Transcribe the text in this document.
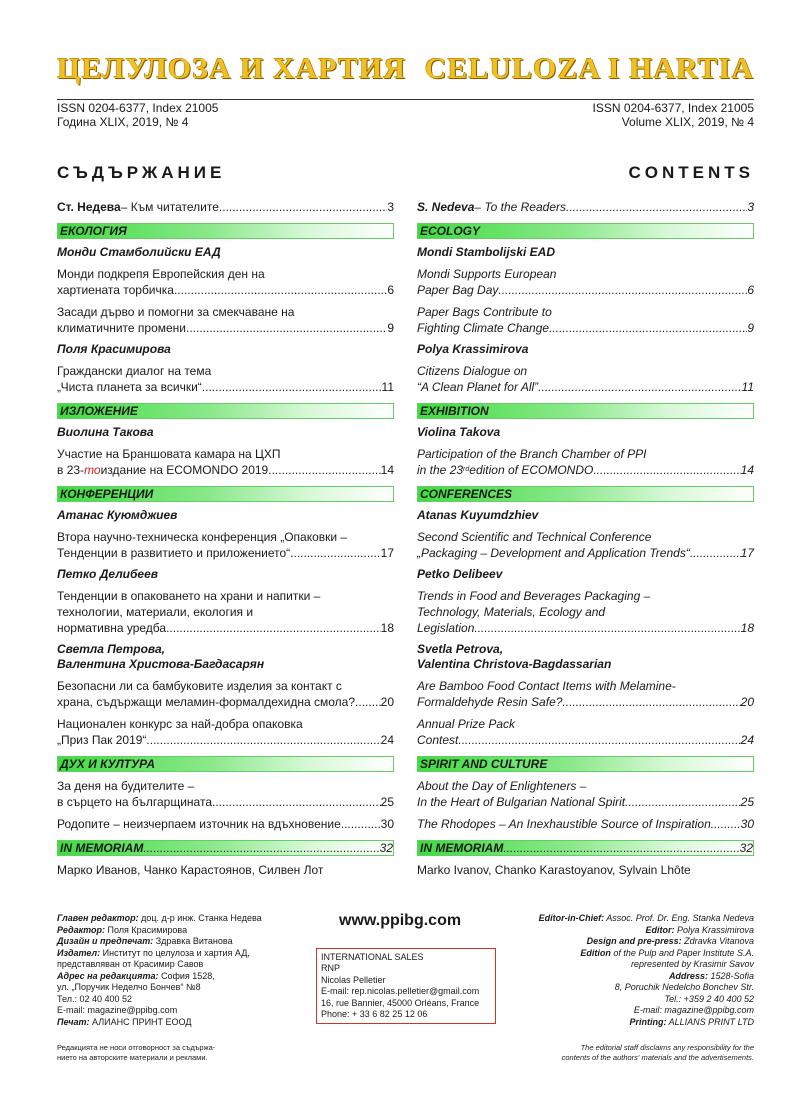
ЦЕЛУЛОЗА И ХАРТИЯ CELULOZA I HARTIA
ISSN 0204-6377, Index 21005
Година XLIX, 2019, № 4
ISSN 0204-6377, Index 21005
Volume XLIX, 2019, № 4
СЪДЪРЖАНИЕ	CONTENTS
Ст. Недева – Към читателите .....	3
ЕКОЛОГИЯ
Монди Стамболийски ЕАД
Монди подкрепя Европейския ден на
хартиената торбичка .....	6
Засади дърво и помогни за смекчаване на
климатичните промени .....	9
Поля Красимирова
Граждански диалог на тема
„Чиста планета за всички“ .....	11
ИЗЛОЖЕНИЕ
Виолина Такова
Участие на Браншовата камара на ЦХП
в 23- то издание на ECOMONDO 2019 .....	14
КОНФЕРЕНЦИИ
Атанас Куюмджиев
Втора научно-техническа конференция „Опаковки –
Тенденции в развитието и приложението“ .....	17
Петко Делибеев
Тенденции в опаковането на храни и напитки –
технологии, материали, екология и
нормативна уредба .....	18
Светла Петрова,
Валентина Христова-Багдасарян
Безопасни ли са бамбуковите изделия за контакт с
храна, съдържащи меламин-формалдехидна смола? ..... 20
Национален конкурс за най-добра опаковка
„Приз Пак 2019“ .....	24
ДУХ И КУЛТУРА
За деня на будителите –
в сърцето на българщината .....	25
Родопите – неизчерпаем източник на вдъхновение .....	30
IN MEMORIAM .....	32
Марко Иванов, Чанко Карастоянов, Силвен Лот
S. Nedeva – To the Readers .....	3
ECOLOGY
Mondi Stambolijski EAD
Mondi Supports European
Paper Bag Day .....	6
Paper Bags Contribute to
Fighting Climate Change .....	9
Polya Krassimirova
Citizens Dialogue on
“A Clean Planet for All” .....	11
EXHIBITION
Violina Takova
Participation of the Branch Chamber of PPI
in the 23 rd edition of ECOMONDO .....	14
CONFERENCES
Atanas Kuyumdzhiev
Second Scientific and Technical Conference
„Packaging – Development and Application Trends“ .....	17
Petko Delibeev
Trends in Food and Beverages Packaging –
Technology, Materials, Ecology and
Legislation .....	18
Svetla Petrova,
Valentina Christova-Bagdassarian
Are Bamboo Food Contact Items with Melamine-
Formaldehyde Resin Safe? .....	20
Annual Prize Pack
Contest .....	24
SPIRIT AND CULTURE
About the Day of Enlighteners –
In the Heart of Bulgarian National Spirit .....	25
The Rhodopes – An Inexhaustible Source of Inspiration ..... 30
IN MEMORIAM .....	32
Marko Ivanov, Chanko Karastoyanov, Sylvain Lhôte
Главен редактор: доц. д-р инж. Станка Недева
Редактор: Поля Красимирова
Дизайн и предпечат: Здравка Витанова
Издател: Институт по целулоза и хартия АД,
представляван от Красимир Савов
Адрес на редакцията: София 1528,
ул. „Поручик Неделчо Бончев“ №8
Тел.: 02 40 400 52
E-mail: magazine@ppibg.com
Печат: АЛИАНС ПРИНТ ЕООД
www.ppibg.com
INTERNATIONAL SALES
RNP
Nicolas Pelletier
E-mail: rep.nicolas.pelletier@gmail.com
16, rue Bannier, 45000 Orléans, France
Phone: + 33 6 82 25 12 06
Editor-in-Chief: Assoc. Prof. Dr. Eng. Stanka Nedeva
Editor: Polya Krassimirova
Design and pre-press: Zdravka Vitanova
Edition of the Pulp and Paper Institute S.A.
represented by Krasimir Savov
Address: 1528-Sofia
8, Poruchik Nedelcho Bonchev Str.
Tel.: +359 2 40 400 52
E-mail: magazine@ppibg.com
Printing: ALLIANS PRINT LTD
Редакцията не носи отговорност за съдържа-
нието на авторските материали и реклами.
The editorial staff disclaims any responsibility for the
contents of the authors' materials and the advertisements.
